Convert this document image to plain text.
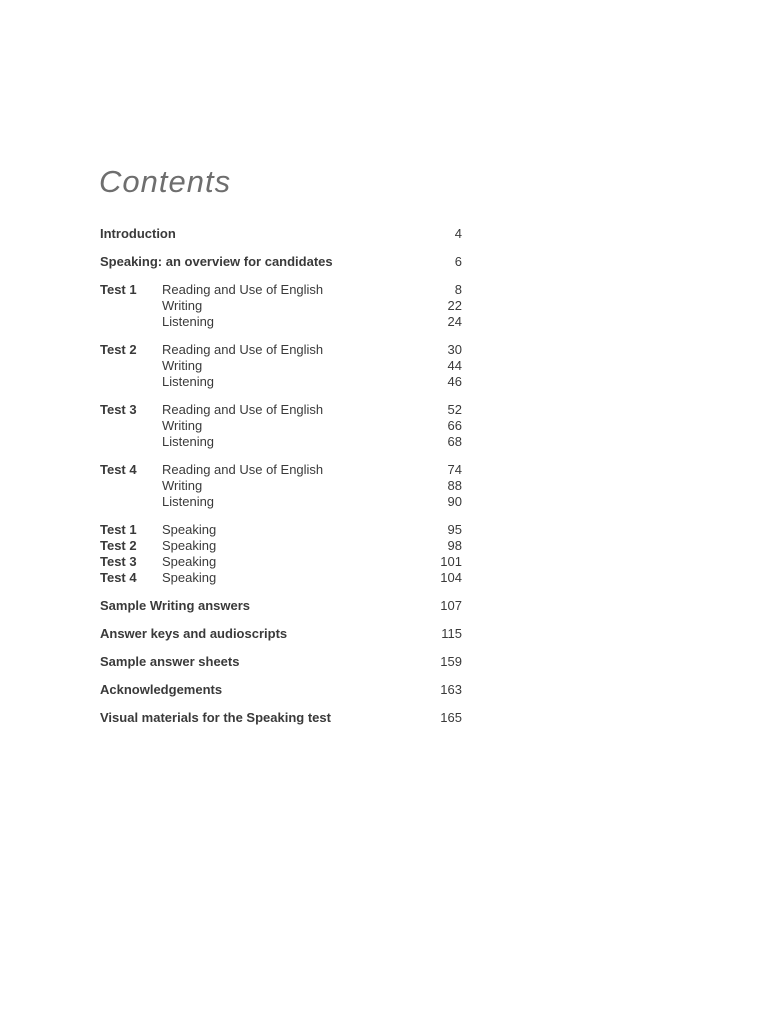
Contents
Introduction	4
Speaking: an overview for candidates	6
Test 1	Reading and Use of English	8
Writing	22
Listening	24
Test 2	Reading and Use of English	30
Writing	44
Listening	46
Test 3	Reading and Use of English	52
Writing	66
Listening	68
Test 4	Reading and Use of English	74
Writing	88
Listening	90
Test 1	Speaking	95
Test 2	Speaking	98
Test 3	Speaking	101
Test 4	Speaking	104
Sample Writing answers	107
Answer keys and audioscripts	115
Sample answer sheets	159
Acknowledgements	163
Visual materials for the Speaking test	165
